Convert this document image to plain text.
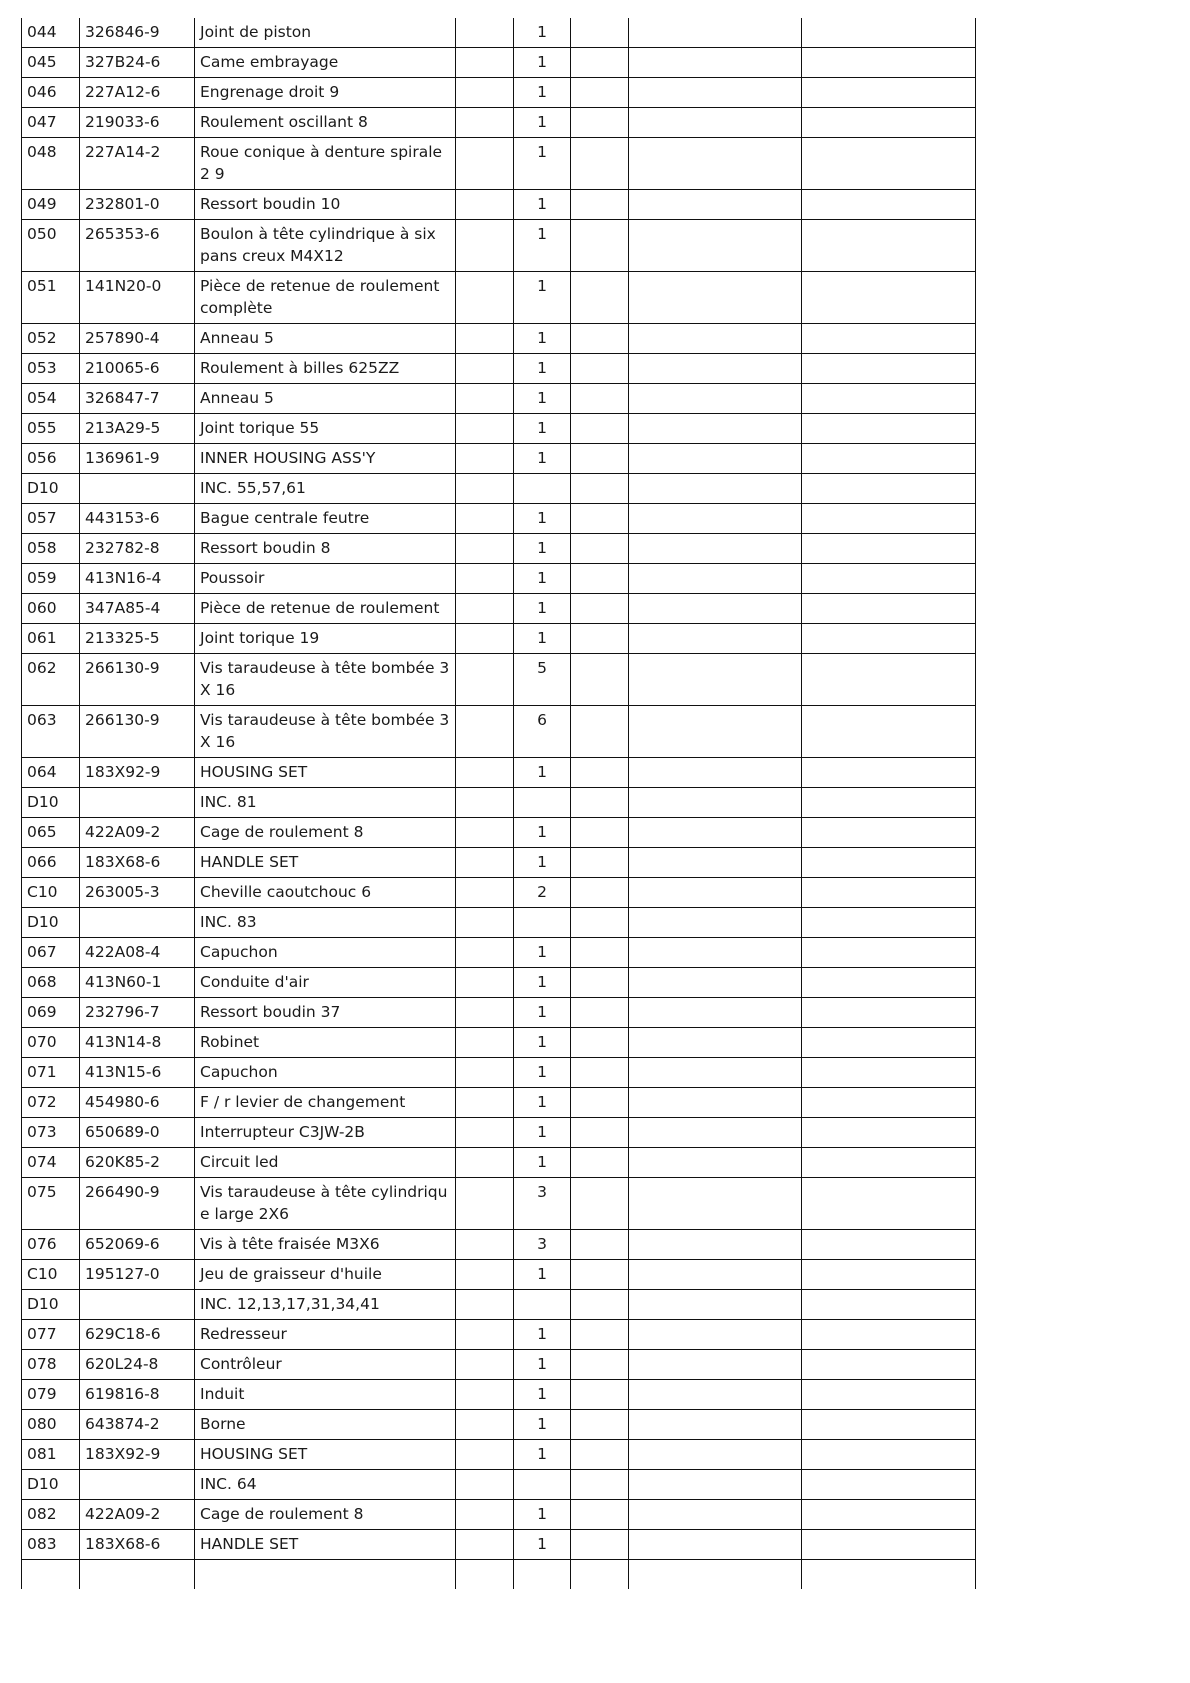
044	326846-9	Joint de piston		1			
045	327B24-6	Came embrayage		1			
046	227A12-6	Engrenage droit 9		1			
047	219033-6	Roulement oscillant 8		1			
048	227A14-2	Roue conique à denture spirale 2 9		1			
049	232801-0	Ressort boudin 10		1			
050	265353-6	Boulon à tête cylindrique à six pans creux M4X12		1			
051	141N20-0	Pièce de retenue de roulement complète		1			
052	257890-4	Anneau 5		1			
053	210065-6	Roulement à billes 625ZZ		1			
054	326847-7	Anneau 5		1			
055	213A29-5	Joint torique 55		1			
056	136961-9	INNER HOUSING ASS'Y		1			
D10		INC. 55,57,61					
057	443153-6	Bague centrale feutre		1			
058	232782-8	Ressort boudin 8		1			
059	413N16-4	Poussoir		1			
060	347A85-4	Pièce de retenue de roulement		1			
061	213325-5	Joint torique 19		1			
062	266130-9	Vis taraudeuse à tête bombée 3X 16		5			
063	266130-9	Vis taraudeuse à tête bombée 3X 16		6			
064	183X92-9	HOUSING SET		1			
D10		INC. 81					
065	422A09-2	Cage de roulement 8		1			
066	183X68-6	HANDLE SET		1			
C10	263005-3	Cheville caoutchouc 6		2			
D10		INC. 83					
067	422A08-4	Capuchon		1			
068	413N60-1	Conduite d'air		1			
069	232796-7	Ressort boudin 37		1			
070	413N14-8	Robinet		1			
071	413N15-6	Capuchon		1			
072	454980-6	F / r levier de changement		1			
073	650689-0	Interrupteur C3JW-2B		1			
074	620K85-2	Circuit led		1			
075	266490-9	Vis taraudeuse à tête cylindrique large 2X6		3			
076	652069-6	Vis à tête fraisée M3X6		3			
C10	195127-0	Jeu de graisseur d'huile		1			
D10		INC. 12,13,17,31,34,41					
077	629C18-6	Redresseur		1			
078	620L24-8	Contrôleur		1			
079	619816-8	Induit		1			
080	643874-2	Borne		1			
081	183X92-9	HOUSING SET		1			
D10		INC. 64					
082	422A09-2	Cage de roulement 8		1			
083	183X68-6	HANDLE SET		1			
